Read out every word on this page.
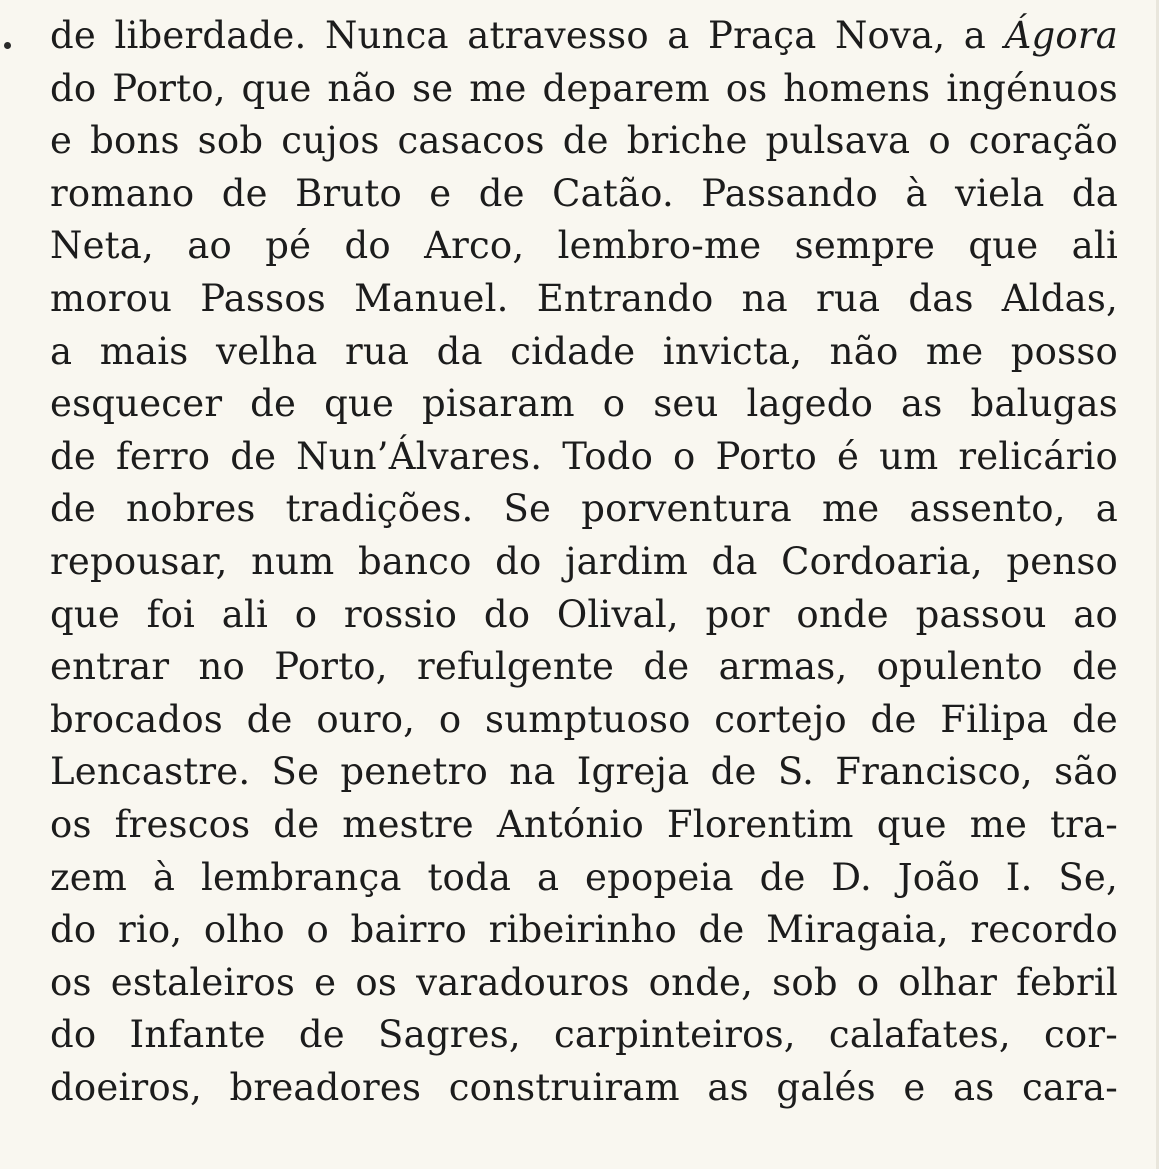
de liberdade. Nunca atravesso a Praça Nova, a Ágora
do Porto, que não se me deparem os homens ingénuos
e bons sob cujos casacos de briche pulsava o coração
romano de Bruto e de Catão. Passando à viela da
Neta, ao pé do Arco, lembro-me sempre que ali
morou Passos Manuel. Entrando na rua das Aldas,
a mais velha rua da cidade invicta, não me posso
esquecer de que pisaram o seu lagedo as balugas
de ferro de Nun’Álvares. Todo o Porto é um relicário
de nobres tradições. Se porventura me assento, a
repousar, num banco do jardim da Cordoaria, penso
que foi ali o rossio do Olival, por onde passou ao
entrar no Porto, refulgente de armas, opulento de
brocados de ouro, o sumptuoso cortejo de Filipa de
Lencastre. Se penetro na Igreja de S. Francisco, são
os frescos de mestre António Florentim que me tra-
zem à lembrança toda a epopeia de D. João I. Se,
do rio, olho o bairro ribeirinho de Miragaia, recordo
os estaleiros e os varadouros onde, sob o olhar febril
do Infante de Sagres, carpinteiros, calafates, cor-
doeiros, breadores construiram as galés e as cara-
